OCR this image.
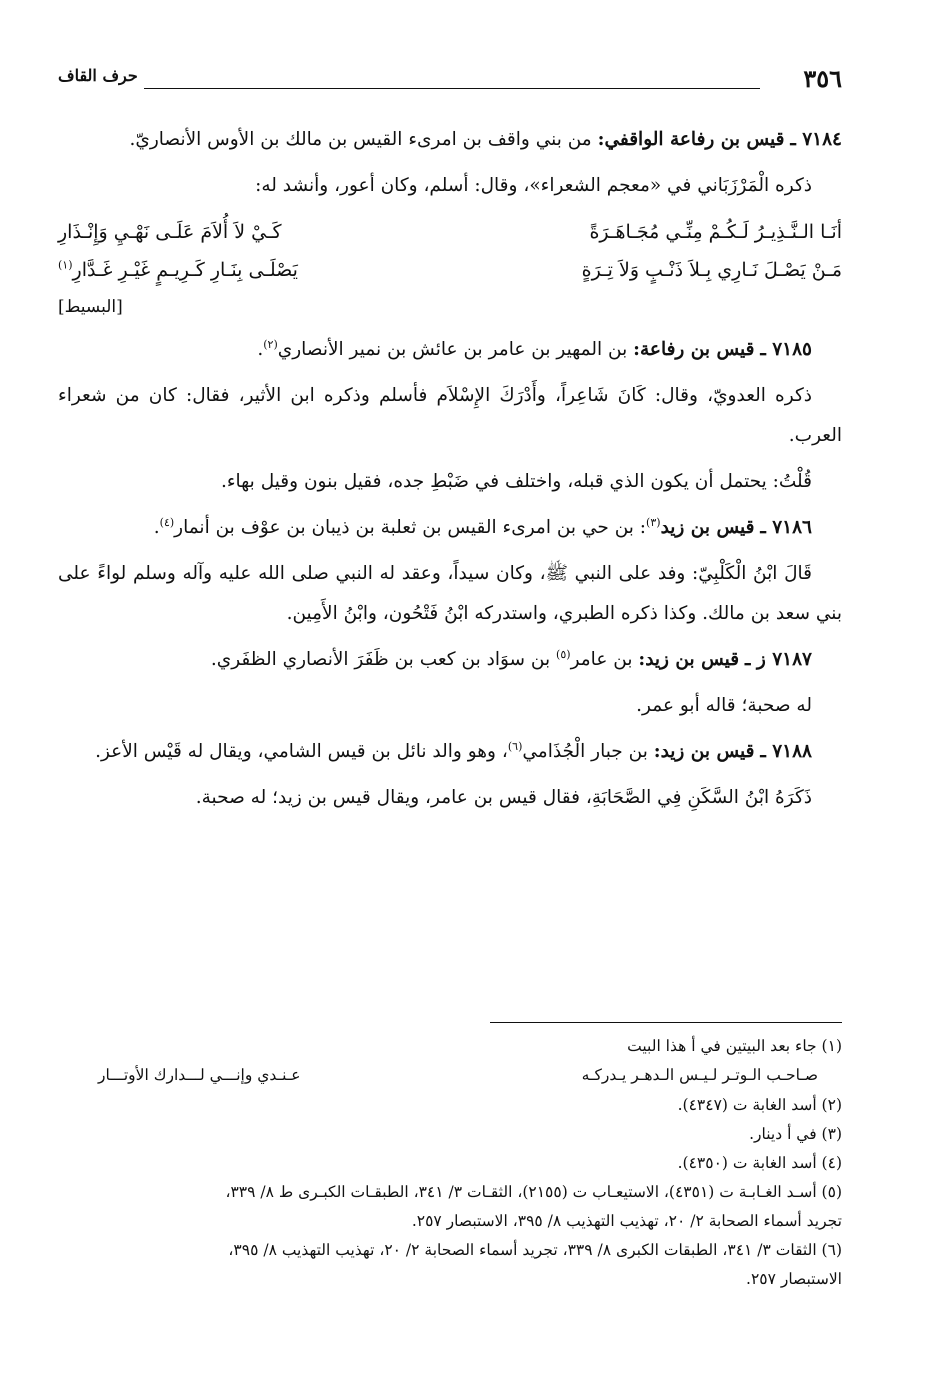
٣٥٦
حرف القاف

٧١٨٤ ـ قيس بن رفاعة الواقفي: من بني واقف بن امرىء القيس بن مالك بن الأوس الأنصاريّ.

ذكره الْمَرْزَبَاني في «معجم الشعراء»، وقال: أسلم، وكان أعور، وأنشد له:

أنَـا الـنَّـذِيـرُ لَـكُـمْ مِنِّـي مُجَـاهَـرَةً
كَـيْ لاَ أُلاَمَ عَلَـى نَهْـيِ وَإِنْـذَارِ
مَـنْ يَصْـلَ نَـارِي بِـلاَ ذَنْـبٍ وَلاَ تِـرَةٍ
يَصْلَـى بِنَـارِ كَـرِيـمٍ غَيْـرِ غَـدَّارِ$^{(١)}$
[البسيط]

٧١٨٥ ـ قيس بن رفاعة: بن المهير بن عامر بن عائش بن نمير الأنصاري$^{(٢)}$.

ذكره العدويّ، وقال: كَانَ شَاعِراً، وأَدْرَكَ الإِسْلاَم فأسلم وذكره ابن الأثير، فقال: كان من شعراء العرب.

قُلْتُ: يحتمل أن يكون الذي قبله، واختلف في ضَبْطِ جده، فقيل بنون وقيل بهاء.

٧١٨٦ ـ قيس بن زيد$^{(٣)}$: بن حي بن امرىء القيس بن ثعلبة بن ذيبان بن عوْف بن أنمار$^{(٤)}$.

قَالَ ابْنُ الْكَلْبِيّ: وفد على النبي ﷺ، وكان سيداً، وعقد له النبي صلى الله عليه وآله وسلم لواءً على بني سعد بن مالك. وكذا ذكره الطبري، واستدركه ابْنُ فَتْحُون، وابْنُ الأَمِين.

٧١٨٧ ز ـ قيس بن زيد: بن عامر$^{(٥)}$ بن سوَاد بن كعب بن ظَفَرَ الأنصاري الظفَري.

له صحبة؛ قاله أبو عمر.

٧١٨٨ ـ قيس بن زيد: بن جبار الْجُذَامي$^{(٦)}$، وهو والد نائل بن قيس الشامي، ويقال له قَيْس الأعز.

ذَكَرَهُ ابْنُ السَّكَنِ فِي الصَّحَابَةِ، فقال قيس بن عامر، ويقال قيس بن زيد؛ له صحبة.

(١) جاء بعد البيتين في أ هذا البيت

صـاحـب الـوتـر لـيـس الـدهـر يـدركـه
عـنـدي وإنـــي لـــدارك الأوتـــار

(٢) أسد الغابة ت (٤٣٤٧).

(٣) في أ دينار.

(٤) أسد الغابة ت (٤٣٥٠).

(٥) أسـد الغـابـة ت (٤٣٥١)، الاستيعـاب ت (٢١٥٥)، الثقـات ٣/ ٣٤١، الطبقـات الكبـرى ط ٨/ ٣٣٩،

تجريد أسماء الصحابة ٢/ ٢٠، تهذيب التهذيب ٨/ ٣٩٥، الاستبصار ٢٥٧.

(٦) الثقات ٣/ ٣٤١، الطبقات الكبرى ٨/ ٣٣٩، تجريد أسماء الصحابة ٢/ ٢٠، تهذيب التهذيب ٨/ ٣٩٥،

الاستبصار ٢٥٧.
